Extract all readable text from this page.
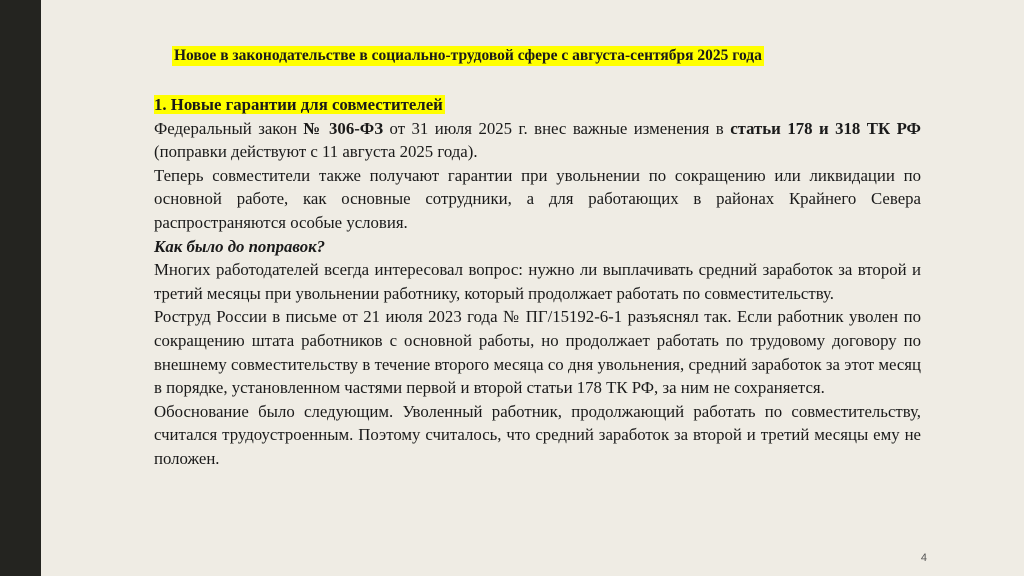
Новое в законодательстве в социально-трудовой сфере с августа-сентября 2025 года

1. Новые гарантии для совместителей

Федеральный закон № 306-ФЗ от 31 июля 2025 г. внес важные изменения в статьи 178 и 318 ТК РФ (поправки действуют с 11 августа 2025 года).

Теперь совместители также получают гарантии при увольнении по сокращению или ликвидации по основной работе, как основные сотрудники, а для работающих в районах Крайнего Севера распространяются особые условия.

Как было до поправок?

Многих работодателей всегда интересовал вопрос: нужно ли выплачивать средний заработок за второй и третий месяцы при увольнении работнику, который продолжает работать по совместительству.

Роструд России в письме от 21 июля 2023 года № ПГ/15192-6-1 разъяснял так. Если работник уволен по сокращению штата работников с основной работы, но продолжает работать по трудовому договору по внешнему совместительству в течение второго месяца со дня увольнения, средний заработок за этот месяц в порядке, установленном частями первой и второй статьи 178 ТК РФ, за ним не сохраняется.

Обоснование было следующим. Уволенный работник, продолжающий работать по совместительству, считался трудоустроенным. Поэтому считалось, что средний заработок за второй и третий месяцы ему не положен.

4
